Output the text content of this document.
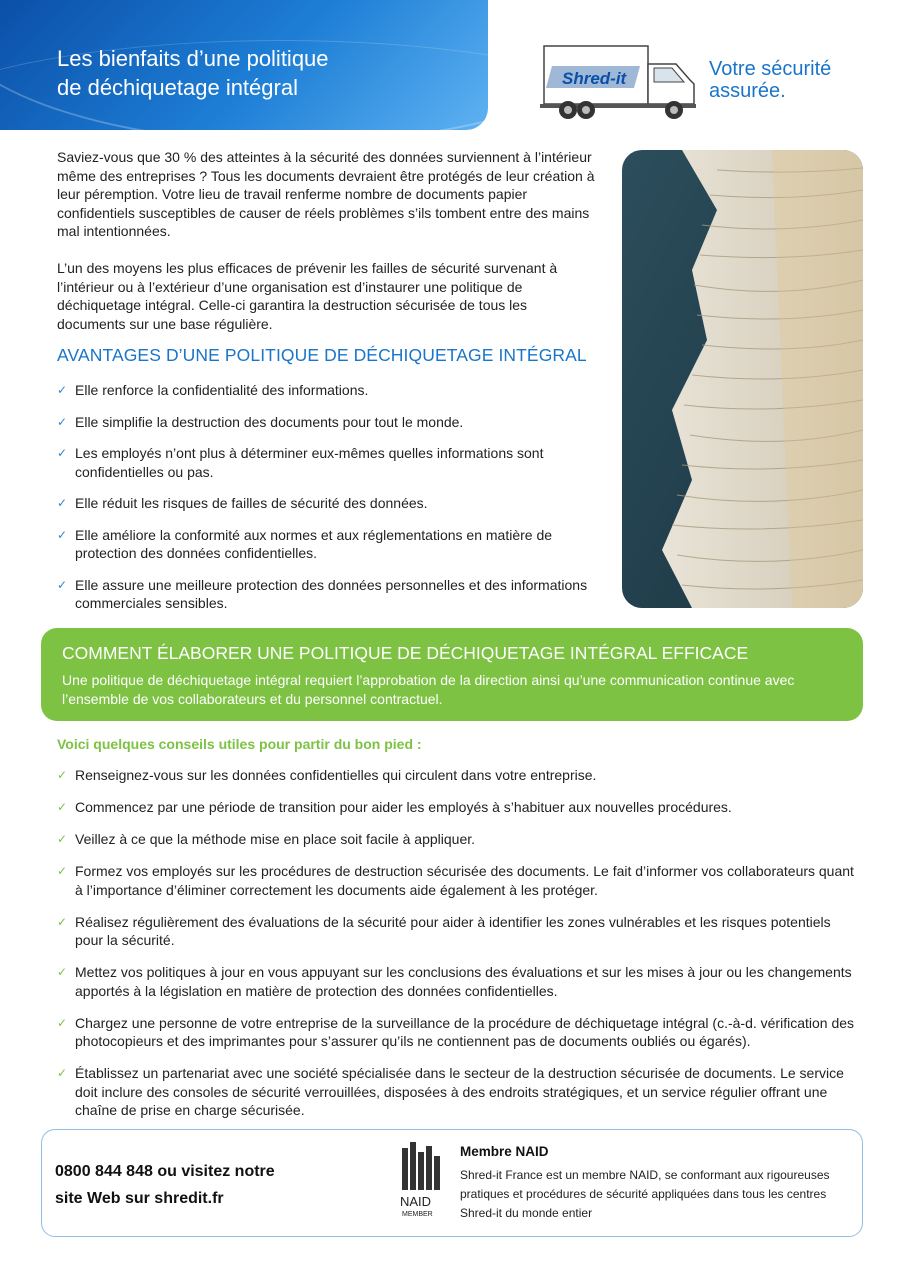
Les bienfaits d’une politique
de déchiquetage intégral	Shred-it	Votre sécurité
assurée.

Saviez-vous que 30 % des atteintes à la sécurité des données surviennent à l’intérieur même des entreprises ? Tous les documents devraient être protégés de leur création à leur péremption. Votre lieu de travail renferme nombre de documents papier confidentiels susceptibles de causer de réels problèmes s’ils tombent entre des mains mal intentionnées.

L’un des moyens les plus efficaces de prévenir les failles de sécurité survenant à l’intérieur ou à l’extérieur d’une organisation est d’instaurer une politique de déchiquetage intégral. Celle-ci garantira la destruction sécurisée de tous les documents sur une base régulière.

AVANTAGES D’UNE POLITIQUE DE DÉCHIQUETAGE INTÉGRAL
✓ Elle renforce la confidentialité des informations.
✓ Elle simplifie la destruction des documents pour tout le monde.
✓ Les employés n’ont plus à déterminer eux-mêmes quelles informations sont confidentielles ou pas.
✓ Elle réduit les risques de failles de sécurité des données.
✓ Elle améliore la conformité aux normes et aux réglementations en matière de protection des données confidentielles.
✓ Elle assure une meilleure protection des données personnelles et des informations commerciales sensibles.
COMMENT ÉLABORER UNE POLITIQUE DE DÉCHIQUETAGE INTÉGRAL EFFICACE
Une politique de déchiquetage intégral requiert l’approbation de la direction ainsi qu’une communication continue avec l’ensemble de vos collaborateurs et du personnel contractuel.
Voici quelques conseils utiles pour partir du bon pied :
✓ Renseignez-vous sur les données confidentielles qui circulent dans votre entreprise.
✓ Commencez par une période de transition pour aider les employés à s’habituer aux nouvelles procédures.
✓ Veillez à ce que la méthode mise en place soit facile à appliquer.
✓ Formez vos employés sur les procédures de destruction sécurisée des documents. Le fait d’informer vos collaborateurs quant à l’importance d’éliminer correctement les documents aide également à les protéger.
✓ Réalisez régulièrement des évaluations de la sécurité pour aider à identifier les zones vulnérables et les risques potentiels pour la sécurité.
✓ Mettez vos politiques à jour en vous appuyant sur les conclusions des évaluations et sur les mises à jour ou les changements apportés à la législation en matière de protection des données confidentielles.
✓ Chargez une personne de votre entreprise de la surveillance de la procédure de déchiquetage intégral (c.-à-d. vérification des photocopieurs et des imprimantes pour s’assurer qu’ils ne contiennent pas de documents oubliés ou égarés).
✓ Établissez un partenariat avec une société spécialisée dans le secteur de la destruction sécurisée de documents. Le service doit inclure des consoles de sécurité verrouillées, disposées à des endroits stratégiques, et un service régulier offrant une chaîne de prise en charge sécurisée.
0800 844 848 ou visitez notre
site Web sur shredit.fr	NAID
MEMBER
Membre NAID
Shred-it France est un membre NAID, se conformant aux rigoureuses pratiques et procédures de sécurité appliquées dans tous les centres Shred-it du monde entier
